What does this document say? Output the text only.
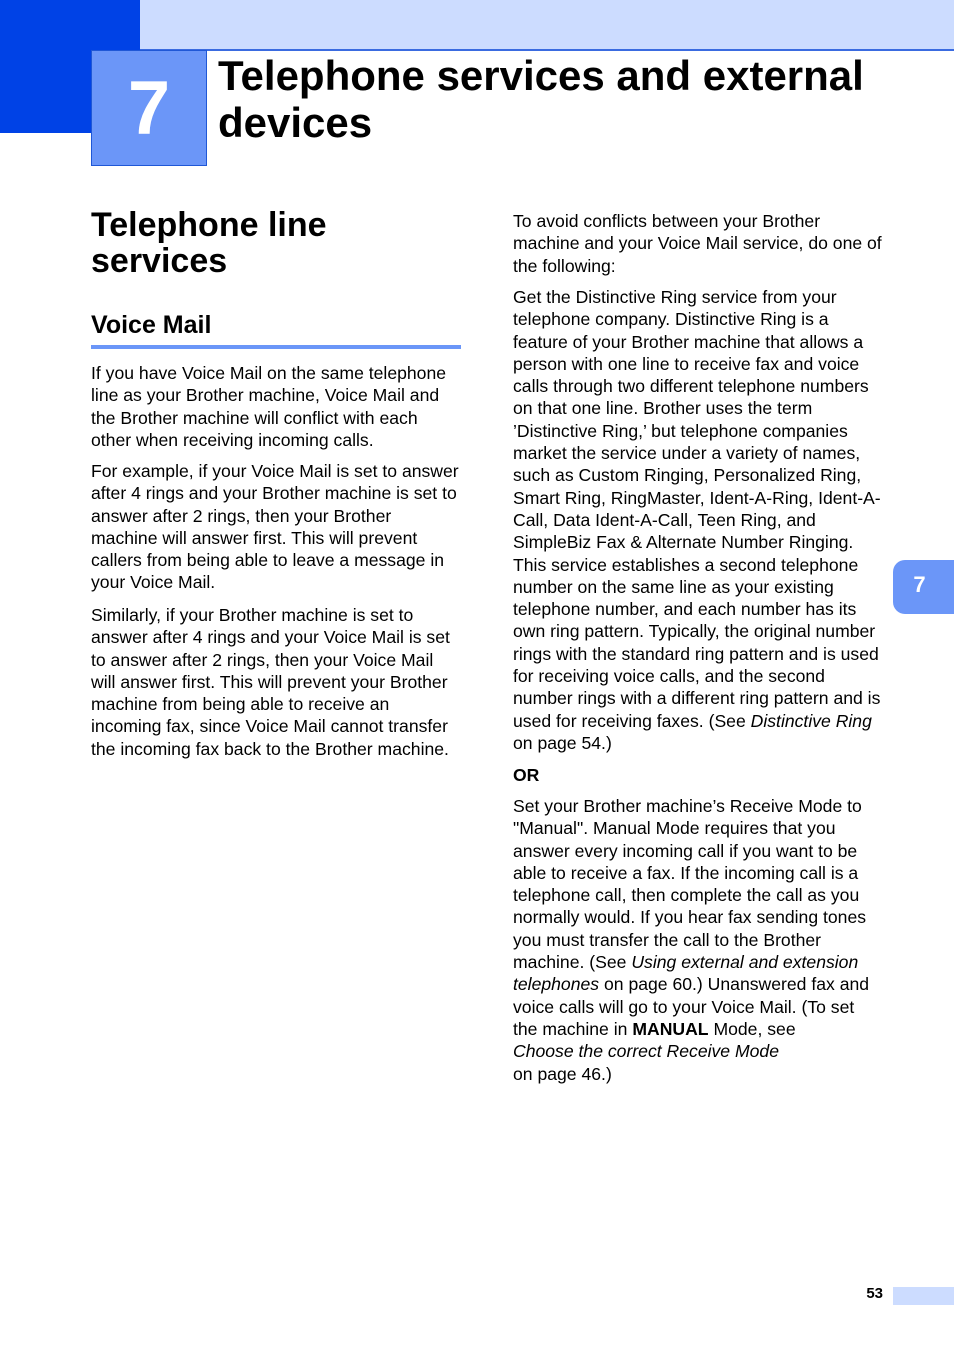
7	Telephone services and external devices
Telephone line services
Voice Mail

If you have Voice Mail on the same telephone line as your Brother machine, Voice Mail and the Brother machine will conflict with each other when receiving incoming calls.

For example, if your Voice Mail is set to answer after 4 rings and your Brother machine is set to answer after 2 rings, then your Brother machine will answer first. This will prevent callers from being able to leave a message in your Voice Mail.

Similarly, if your Brother machine is set to answer after 4 rings and your Voice Mail is set to answer after 2 rings, then your Voice Mail will answer first. This will prevent your Brother machine from being able to receive an incoming fax, since Voice Mail cannot transfer the incoming fax back to the Brother machine.

To avoid conflicts between your Brother machine and your Voice Mail service, do one of the following:

Get the Distinctive Ring service from your telephone company. Distinctive Ring is a feature of your Brother machine that allows a person with one line to receive fax and voice calls through two different telephone numbers on that one line. Brother uses the term ’Distinctive Ring,’ but telephone companies market the service under a variety of names, such as Custom Ringing, Personalized Ring, Smart Ring, RingMaster, Ident-A-Ring, Ident-A-Call, Data Ident-A-Call, Teen Ring, and SimpleBiz Fax & Alternate Number Ringing. This service establishes a second telephone number on the same line as your existing telephone number, and each number has its own ring pattern. Typically, the original number rings with the standard ring pattern and is used for receiving voice calls, and the second number rings with a different ring pattern and is used for receiving faxes. (See Distinctive Ring on page 54.)

OR

Set your Brother machine’s Receive Mode to "Manual". Manual Mode requires that you answer every incoming call if you want to be able to receive a fax. If the incoming call is a telephone call, then complete the call as you normally would. If you hear fax sending tones you must transfer the call to the Brother machine. (See Using external and extension telephones on page 60.) Unanswered fax and voice calls will go to your Voice Mail. (To set the machine in MANUAL Mode, see
Choose the correct Receive Mode
on page 46.)

7
53
